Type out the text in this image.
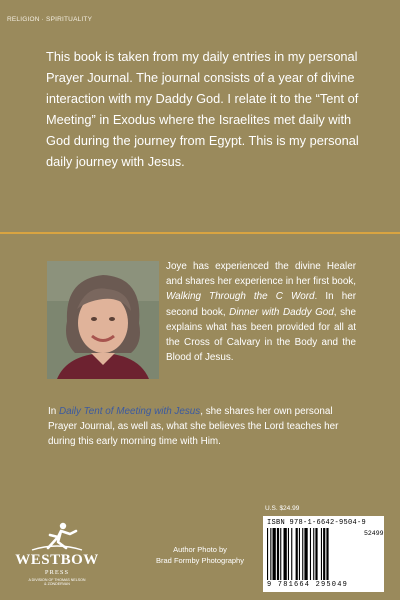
RELIGION · SPIRITUALITY

This book is taken from my daily entries in my personal Prayer Journal. The journal consists of a year of divine interaction with my Daddy God. I relate it to the “Tent of Meeting” in Exodus where the Israelites met daily with God during the journey from Egypt. This is my personal daily journey with Jesus.

Joye has experienced the divine Healer and shares her experience in her first book, Walking Through the C Word. In her second book, Dinner with Daddy God, she explains what has been provided for all at the Cross of Calvary in the Body and the Blood of Jesus.

In Daily Tent of Meeting with Jesus, she shares her own personal Prayer Journal, as well as, what she believes the Lord teaches her during this early morning time with Him.

U.S. $24.99
ISBN 978-1-6642-9504-9
52499
9 781664 295049
WESTBOW
PRESS
A DIVISION OF THOMAS NELSON
& ZONDERVAN
Author Photo by
Brad Formby Photography
